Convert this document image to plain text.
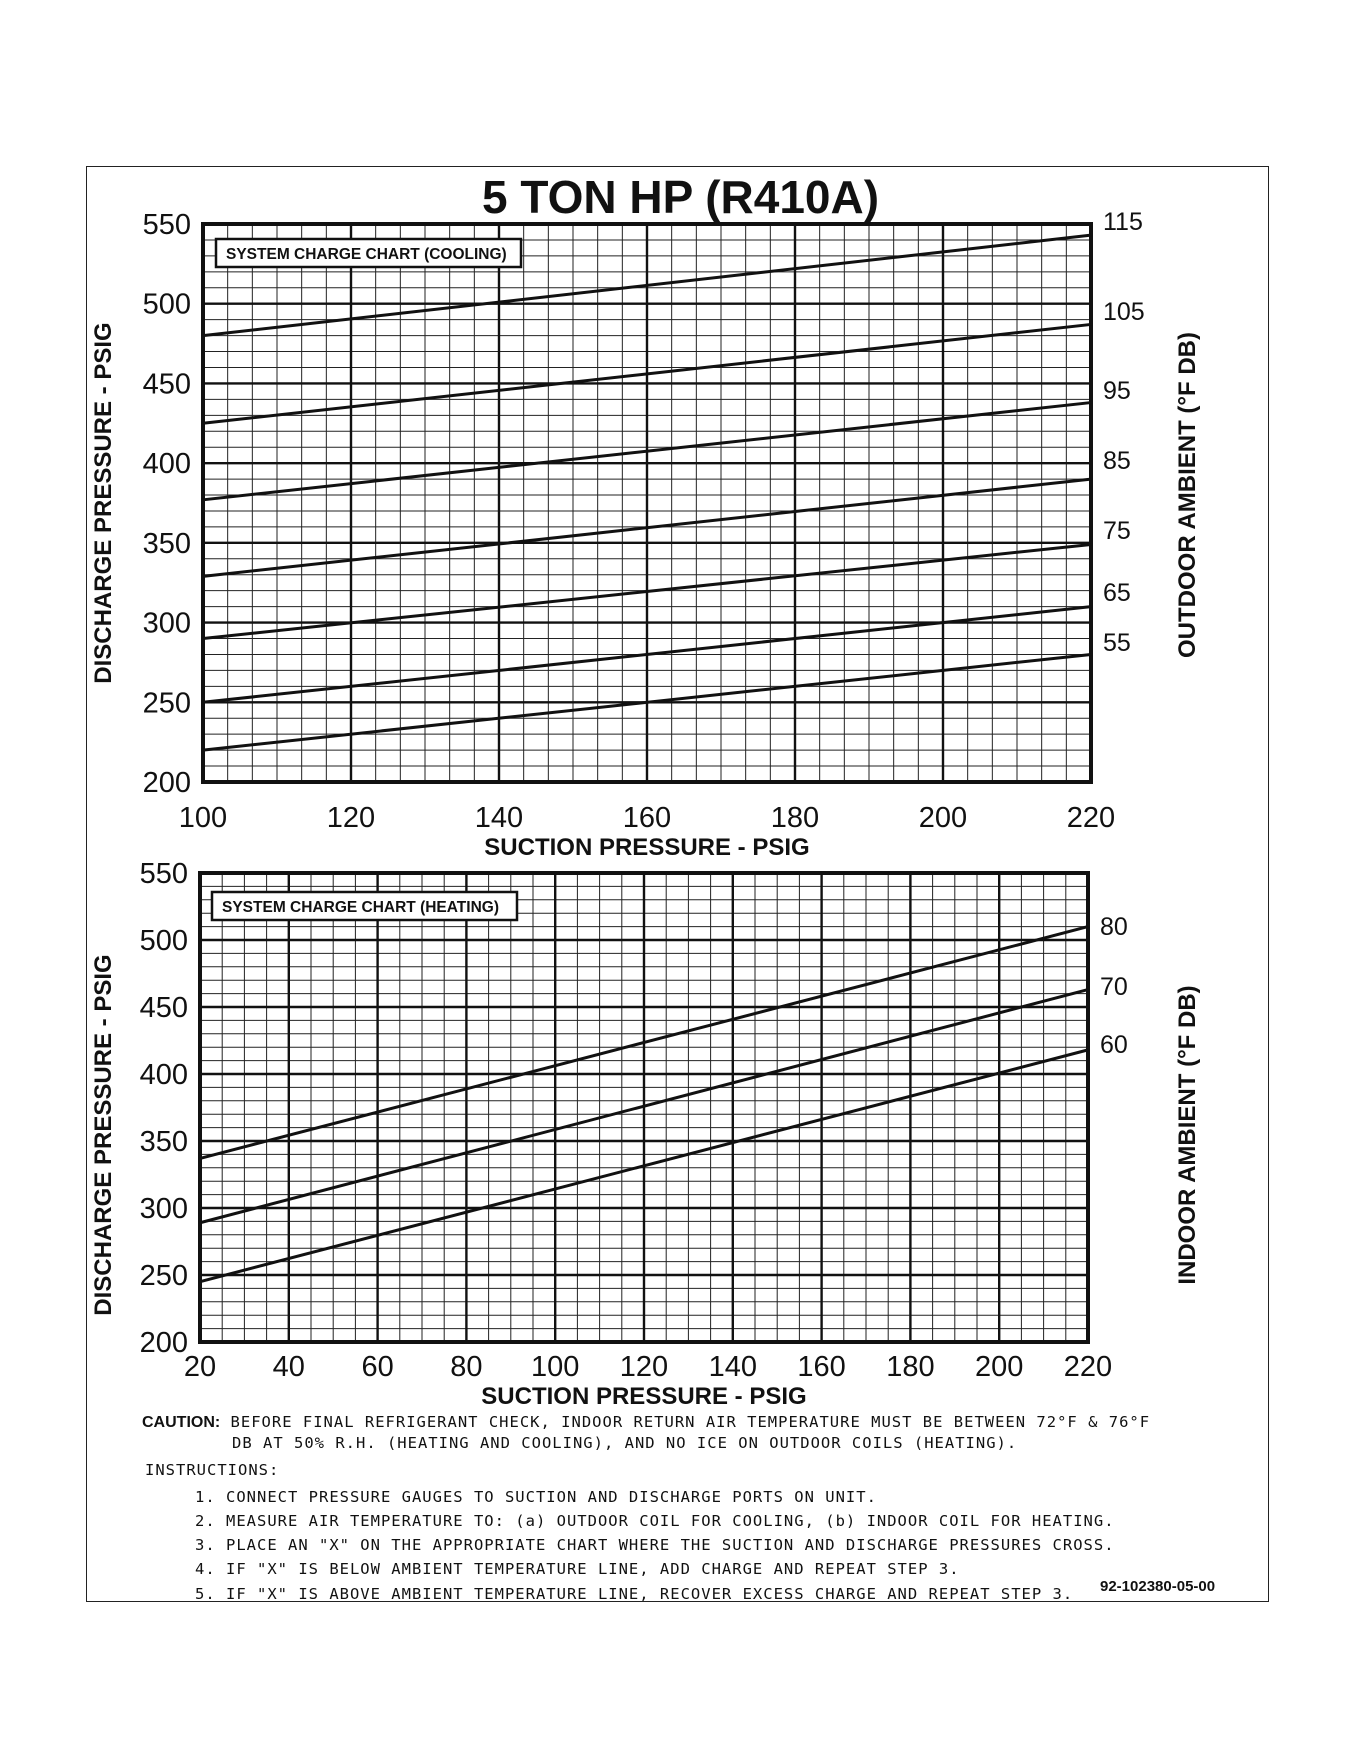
5 TON HP (R410A)	115
105
95
85
75
65
55
200
250
300
350
400
450
500
550
100	120	140	160	180	200	220
SUCTION PRESSURE - PSIG
DISCHARGE PRESSURE - PSIG	OUTDOOR AMBIENT (°F DB)
SYSTEM CHARGE CHART (COOLING)
80
70
60
200
250
300
350
400
450
500
550
20 40 60 80 100 120 140 160 180 200 220
SUCTION PRESSURE - PSIG
DISCHARGE PRESSURE - PSIG	INDOOR AMBIENT (°F DB)
SYSTEM CHARGE CHART (HEATING)
CAUTION: BEFORE FINAL REFRIGERANT CHECK, INDOOR RETURN AIR TEMPERATURE MUST BE BETWEEN 72°F & 76°F
DB AT 50% R.H. (HEATING AND COOLING), AND NO ICE ON OUTDOOR COILS (HEATING).
INSTRUCTIONS:
1. CONNECT PRESSURE GAUGES TO SUCTION AND DISCHARGE PORTS ON UNIT.
2. MEASURE AIR TEMPERATURE TO: (a) OUTDOOR COIL FOR COOLING, (b) INDOOR COIL FOR HEATING.
3. PLACE AN "X" ON THE APPROPRIATE CHART WHERE THE SUCTION AND DISCHARGE PRESSURES CROSS.
4. IF "X" IS BELOW AMBIENT TEMPERATURE LINE, ADD CHARGE AND REPEAT STEP 3.
5. IF "X" IS ABOVE AMBIENT TEMPERATURE LINE, RECOVER EXCESS CHARGE AND REPEAT STEP 3. 92-102380-05-00
